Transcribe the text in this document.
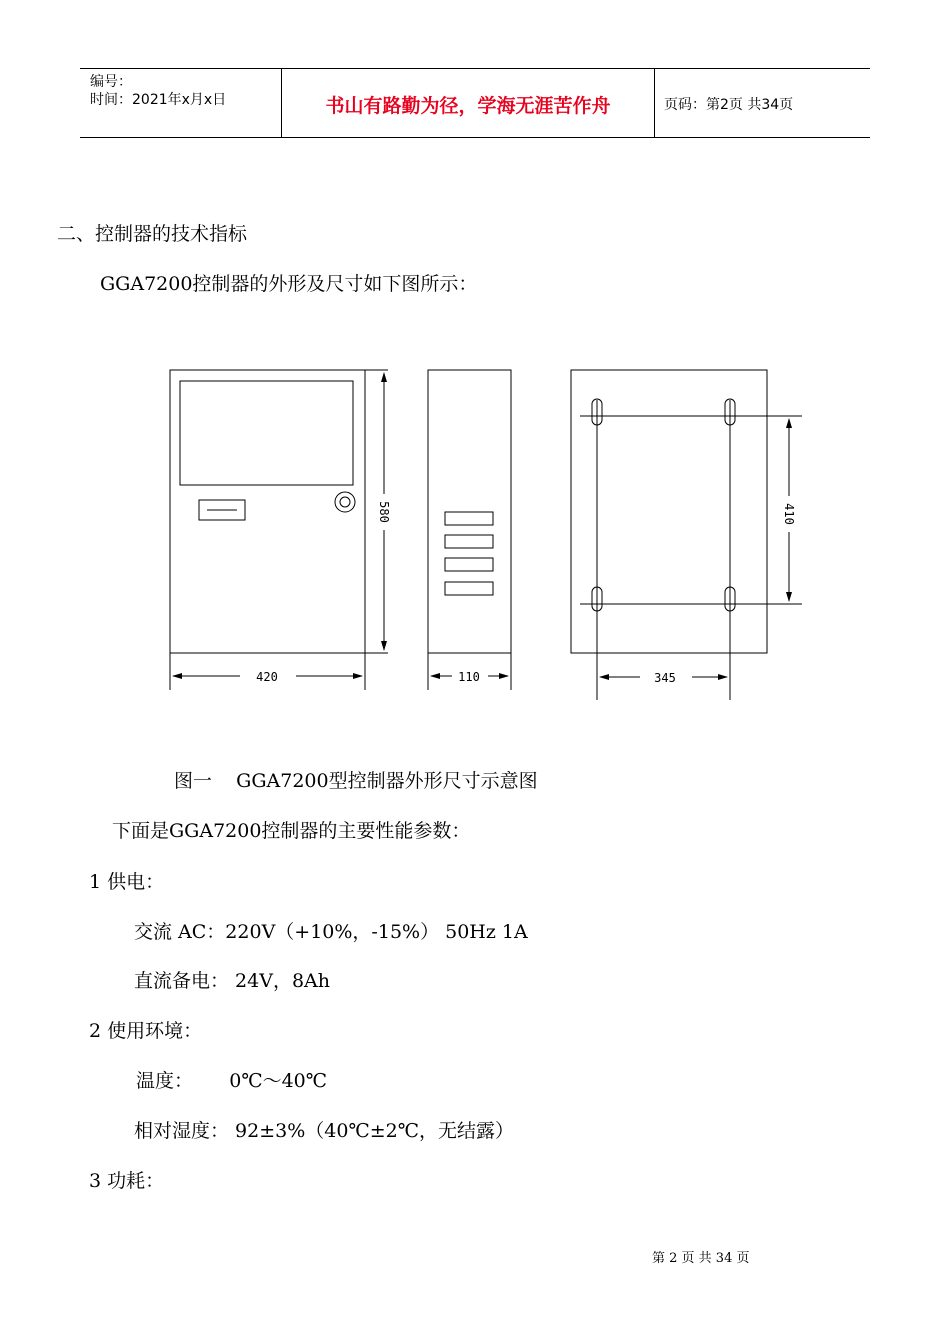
编号：
时间：2021年x月x日	书山有路勤为径，学海无涯苦作舟	页码：第2页 共34页
二、控制器的技术指标
GGA7200控制器的外形及尺寸如下图所示：
420
580
110
410
345
图一    GGA7200型控制器外形尺寸示意图
下面是GGA7200控制器的主要性能参数：
1 供电：
交流 AC：220V（+10%，-15%） 50Hz 1A
直流备电： 24V，8Ah
2 使用环境：
温度：      0℃～40℃
相对湿度： 92±3%（40℃±2℃，无结露）
3 功耗：
第 2 页 共 34 页
